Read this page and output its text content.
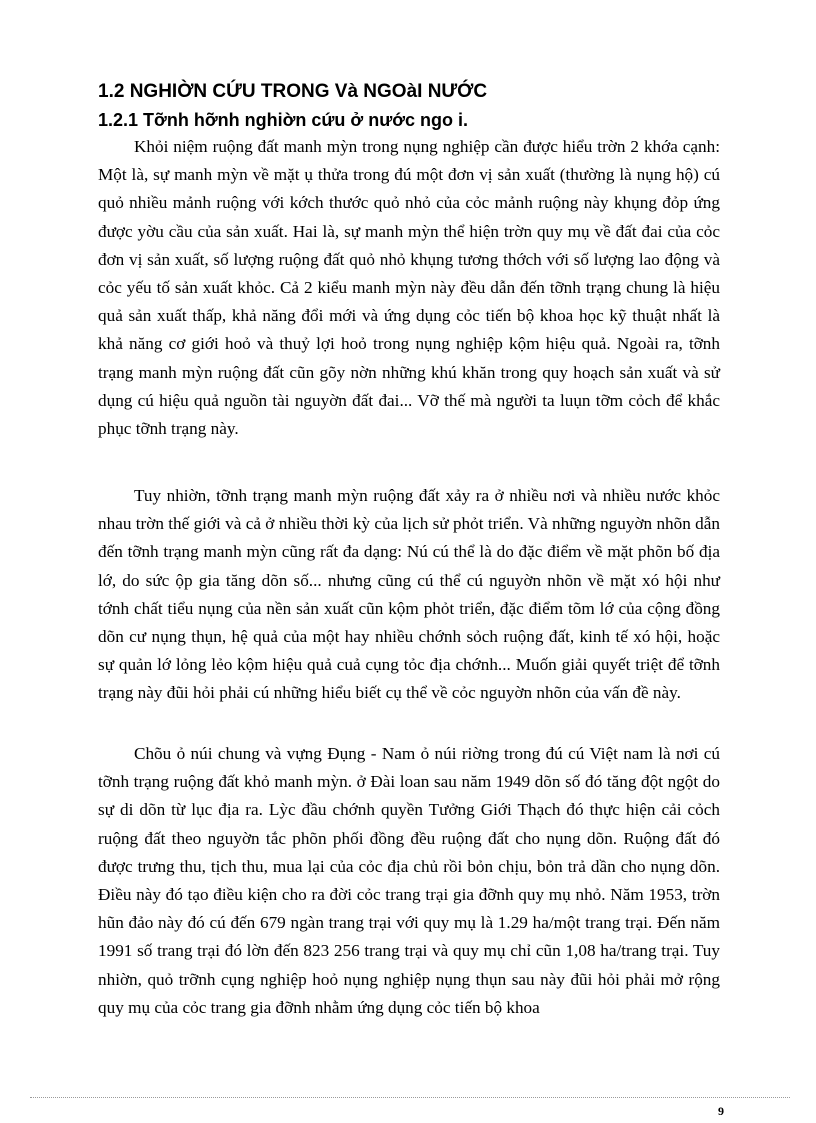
1.2 NGHIỜN CỨU TRONG Và NGOàI NƯỚC
1.2.1 Tỡnh hỡnh nghiờn cứu ở nước ngo i.

Khỏi niệm ruộng đất manh mỳn trong nụng nghiệp cần được hiểu trờn 2 khớa cạnh: Một là, sự manh mỳn về mặt ụ thửa trong đú một đơn vị sản xuất (thường là nụng hộ) cú quỏ nhiều mảnh ruộng với kớch thước quỏ nhỏ của cỏc mảnh ruộng này khụng đỏp ứng được yờu cầu của sản xuất. Hai là, sự manh mỳn thể hiện trờn quy mụ về đất đai của cỏc đơn vị sản xuất, số lượng ruộng đất quỏ nhỏ khụng tương thớch với số lượng lao động và cỏc yếu tố sản xuất khỏc. Cả 2 kiểu manh mỳn này đều dẫn đến tỡnh trạng chung là hiệu quả sản xuất thấp, khả năng đổi mới và ứng dụng cỏc tiến bộ khoa học kỹ thuật nhất là khả năng cơ giới hoỏ và thuỷ lợi hoỏ trong nụng nghiệp kộm hiệu quả. Ngoài ra, tỡnh trạng manh mỳn ruộng đất cũn gõy nờn những khú khăn trong quy hoạch sản xuất và sử dụng cú hiệu quả nguồn tài nguyờn đất đai... Vỡ thế mà người ta luụn tỡm cỏch để khắc phục tỡnh trạng này.

Tuy nhiờn, tỡnh trạng manh mỳn ruộng đất xảy ra ở nhiều nơi và nhiều nước khỏc nhau trờn thế giới và cả ở nhiều thời kỳ của lịch sử phỏt triển. Và những nguyờn nhõn dẫn đến tỡnh trạng manh mỳn cũng rất đa dạng: Nú cú thể là do đặc điểm về mặt phõn bố địa lớ, do sức ộp gia tăng dõn số... nhưng cũng cú thể cú nguyờn nhõn về mặt xó hội như tớnh chất tiểu nụng của nền sản xuất cũn kộm phỏt triển, đặc điểm tõm lớ của cộng đồng dõn cư nụng thụn, hệ quả của một hay nhiều chớnh sỏch ruộng đất, kinh tế xó hội, hoặc sự quản lớ lỏng lẻo kộm hiệu quả cuả cụng tỏc địa chớnh... Muốn giải quyết triệt để tỡnh trạng này đũi hỏi phải cú những hiểu biết cụ thể về cỏc nguyờn nhõn của vấn đề này.

Chõu ỏ núi chung và vựng Đụng - Nam ỏ núi riờng trong đú cú Việt nam là nơi cú tỡnh trạng ruộng đất khỏ manh mỳn. ở Đài loan sau năm 1949 dõn số đó tăng đột ngột do sự di dõn từ lục địa ra. Lỳc đầu chớnh quyền Tưởng Giới Thạch đó thực hiện cải cỏch ruộng đất theo nguyờn tắc phõn phối đồng đều ruộng đất cho nụng dõn. Ruộng đất đó được trưng thu, tịch thu, mua lại của cỏc địa chủ rồi bỏn chịu, bỏn trả dần cho nụng dõn. Điều này đó tạo điều kiện cho ra đời cỏc trang trại gia đỡnh quy mụ nhỏ. Năm 1953, trờn hũn đảo này đó cú đến 679 ngàn trang trại với quy mụ là 1.29 ha/một trang trại. Đến năm 1991 số trang trại đó lờn đến 823 256 trang trại và quy mụ chỉ cũn 1,08 ha/trang trại. Tuy nhiờn, quỏ trỡnh cụng nghiệp hoỏ nụng nghiệp nụng thụn sau này đũi hỏi phải mở rộng quy mụ của cỏc trang gia đỡnh nhằm ứng dụng cỏc tiến bộ khoa

9
